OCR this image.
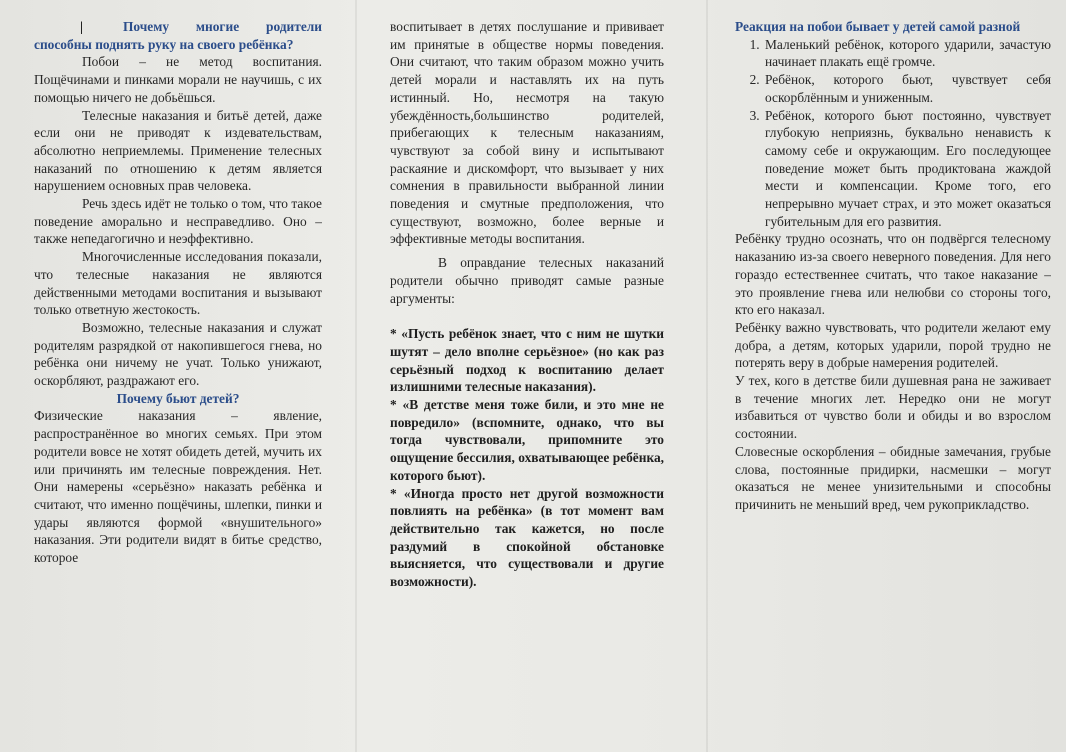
|	Почему многие родители способны поднять руку на своего ребёнка?

Побои – не метод воспитания. Пощёчинами и пинками морали не научишь, с их помощью ничего не добьёшься.

Телесные наказания и битьё детей, даже если они не приводят к издевательствам, абсолютно неприемлемы. Применение телесных наказаний по отношению к детям является нарушением основных прав человека.

Речь здесь идёт не только о том, что такое поведение аморально и несправедливо. Оно – также непедагогично и неэффективно.

Многочисленные исследования показали, что телесные наказания не являются действенными методами воспитания и вызывают только ответную жестокость.

Возможно, телесные наказания и служат родителям разрядкой от накопившегося гнева, но ребёнка они ничему не учат. Только унижают, оскорбляют, раздражают его.

Почему бьют детей?

Физические наказания – явление, распространённое во многих семьях. При этом родители вовсе не хотят обидеть детей, мучить их или причинять им телесные повреждения. Нет. Они намерены «серьёзно» наказать ребёнка и считают, что именно пощёчины, шлепки, пинки и удары являются формой «внушительного» наказания. Эти родители видят в битье средство, которое

воспитывает в детях послушание и прививает им принятые в обществе нормы поведения. Они считают, что таким образом можно учить детей морали и наставлять их на путь истинный. Но, несмотря на такую убеждённость,большинство родителей, прибегающих к телесным наказаниям, чувствуют за собой вину и испытывают раскаяние и дискомфорт, что вызывает у них сомнения в правильности выбранной линии поведения и смутные предположения, что существуют, возможно, более верные и эффективные методы воспитания.

В оправдание телесных наказаний родители обычно приводят самые разные аргументы:

* «Пусть ребёнок знает, что с ним не шутки шутят – дело вполне серьёзное» (но как раз серьёзный подход к воспитанию делает излишними телесные наказания).

* «В детстве меня тоже били, и это мне не повредило» (вспомните, однако, что вы тогда чувствовали, припомните это ощущение бессилия, охватывающее ребёнка, которого бьют).

* «Иногда просто нет другой возможности повлиять на ребёнка» (в тот момент вам действительно так кажется, но после раздумий в спокойной обстановке выясняется, что существовали и другие возможности).

Реакция на побои бывает у детей самой разной
1. Маленький ребёнок, которого ударили, зачастую начинает плакать ещё громче.
2. Ребёнок, которого бьют, чувствует себя оскорблённым и униженным.
3. Ребёнок, которого бьют постоянно, чувствует глубокую неприязнь, буквально ненависть к самому себе и окружающим. Его последующее поведение может быть продиктована жаждой мести и компенсации. Кроме того, его непрерывно мучает страх, и это может оказаться губительным для его развития.

Ребёнку трудно осознать, что он подвёргся телесному наказанию из-за своего неверного поведения. Для него гораздо естественнее считать, что такое наказание – это проявление гнева или нелюбви со стороны того, кто его наказал.

Ребёнку важно чувствовать, что родители желают ему добра, а детям, которых ударили, порой трудно не потерять веру в добрые намерения родителей.

У тех, кого в детстве били душевная рана не заживает в течение многих лет. Нередко они не могут избавиться от чувство боли и обиды и во взрослом состоянии.

Словесные оскорбления – обидные замечания, грубые слова, постоянные придирки, насмешки – могут оказаться не менее унизительными и способны причинить не меньший вред, чем рукоприкладство.
